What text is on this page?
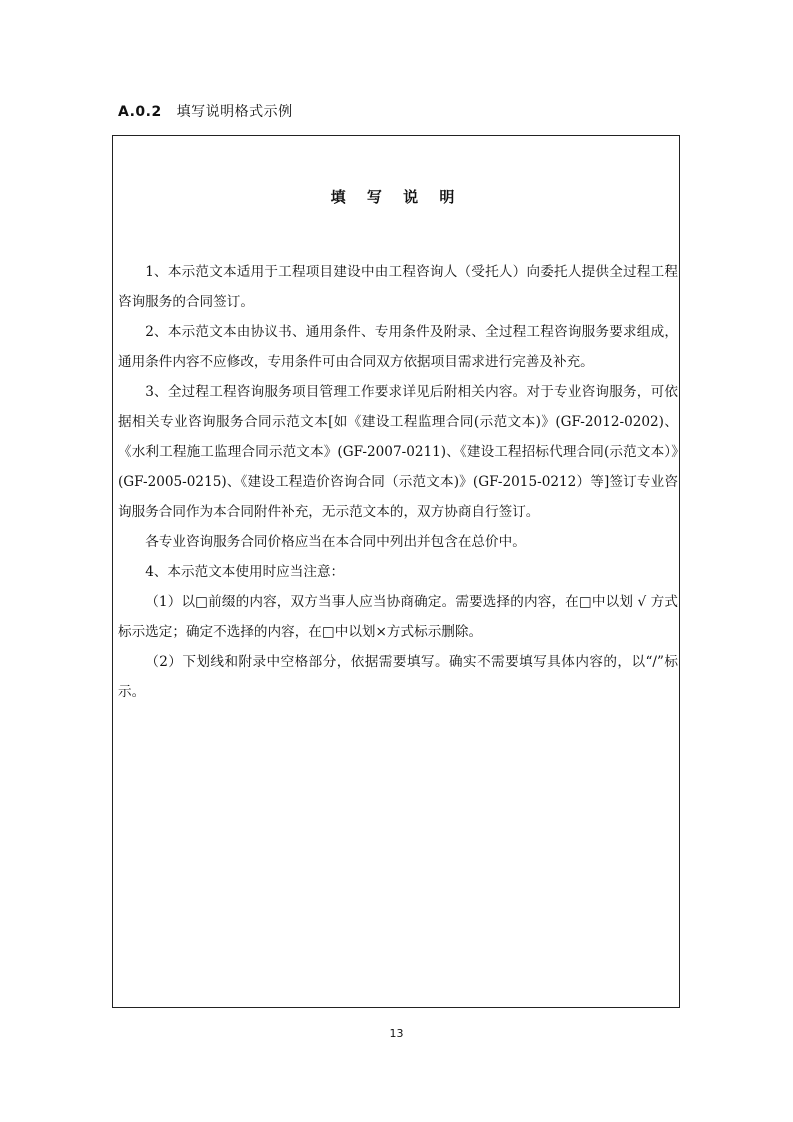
A.0.2 填写说明格式示例
填 写 说 明

1、本示范文本适用于工程项目建设中由工程咨询人（受托人）向委托人提供全过程工程咨询服务的合同签订。

2、本示范文本由协议书、通用条件、专用条件及附录、全过程工程咨询服务要求组成，通用条件内容不应修改，专用条件可由合同双方依据项目需求进行完善及补充。

3、全过程工程咨询服务项目管理工作要求详见后附相关内容。对于专业咨询服务，可依据相关专业咨询服务合同示范文本[如《建设工程监理合同(示范文本)》(GF-2012-0202)、《水利工程施工监理合同示范文本》(GF-2007-0211)、《建设工程招标代理合同(示范文本）》(GF-2005-0215)、《建设工程造价咨询合同（示范文本)》(GF-2015-0212）等]签订专业咨询服务合同作为本合同附件补充，无示范文本的，双方协商自行签订。

各专业咨询服务合同价格应当在本合同中列出并包含在总价中。

4、本示范文本使用时应当注意：

（1）以□前缀的内容，双方当事人应当协商确定。需要选择的内容，在□中以划 √ 方式标示选定；确定不选择的内容，在□中以划×方式标示删除。

（2）下划线和附录中空格部分，依据需要填写。确实不需要填写具体内容的，以“/”标示。

13
